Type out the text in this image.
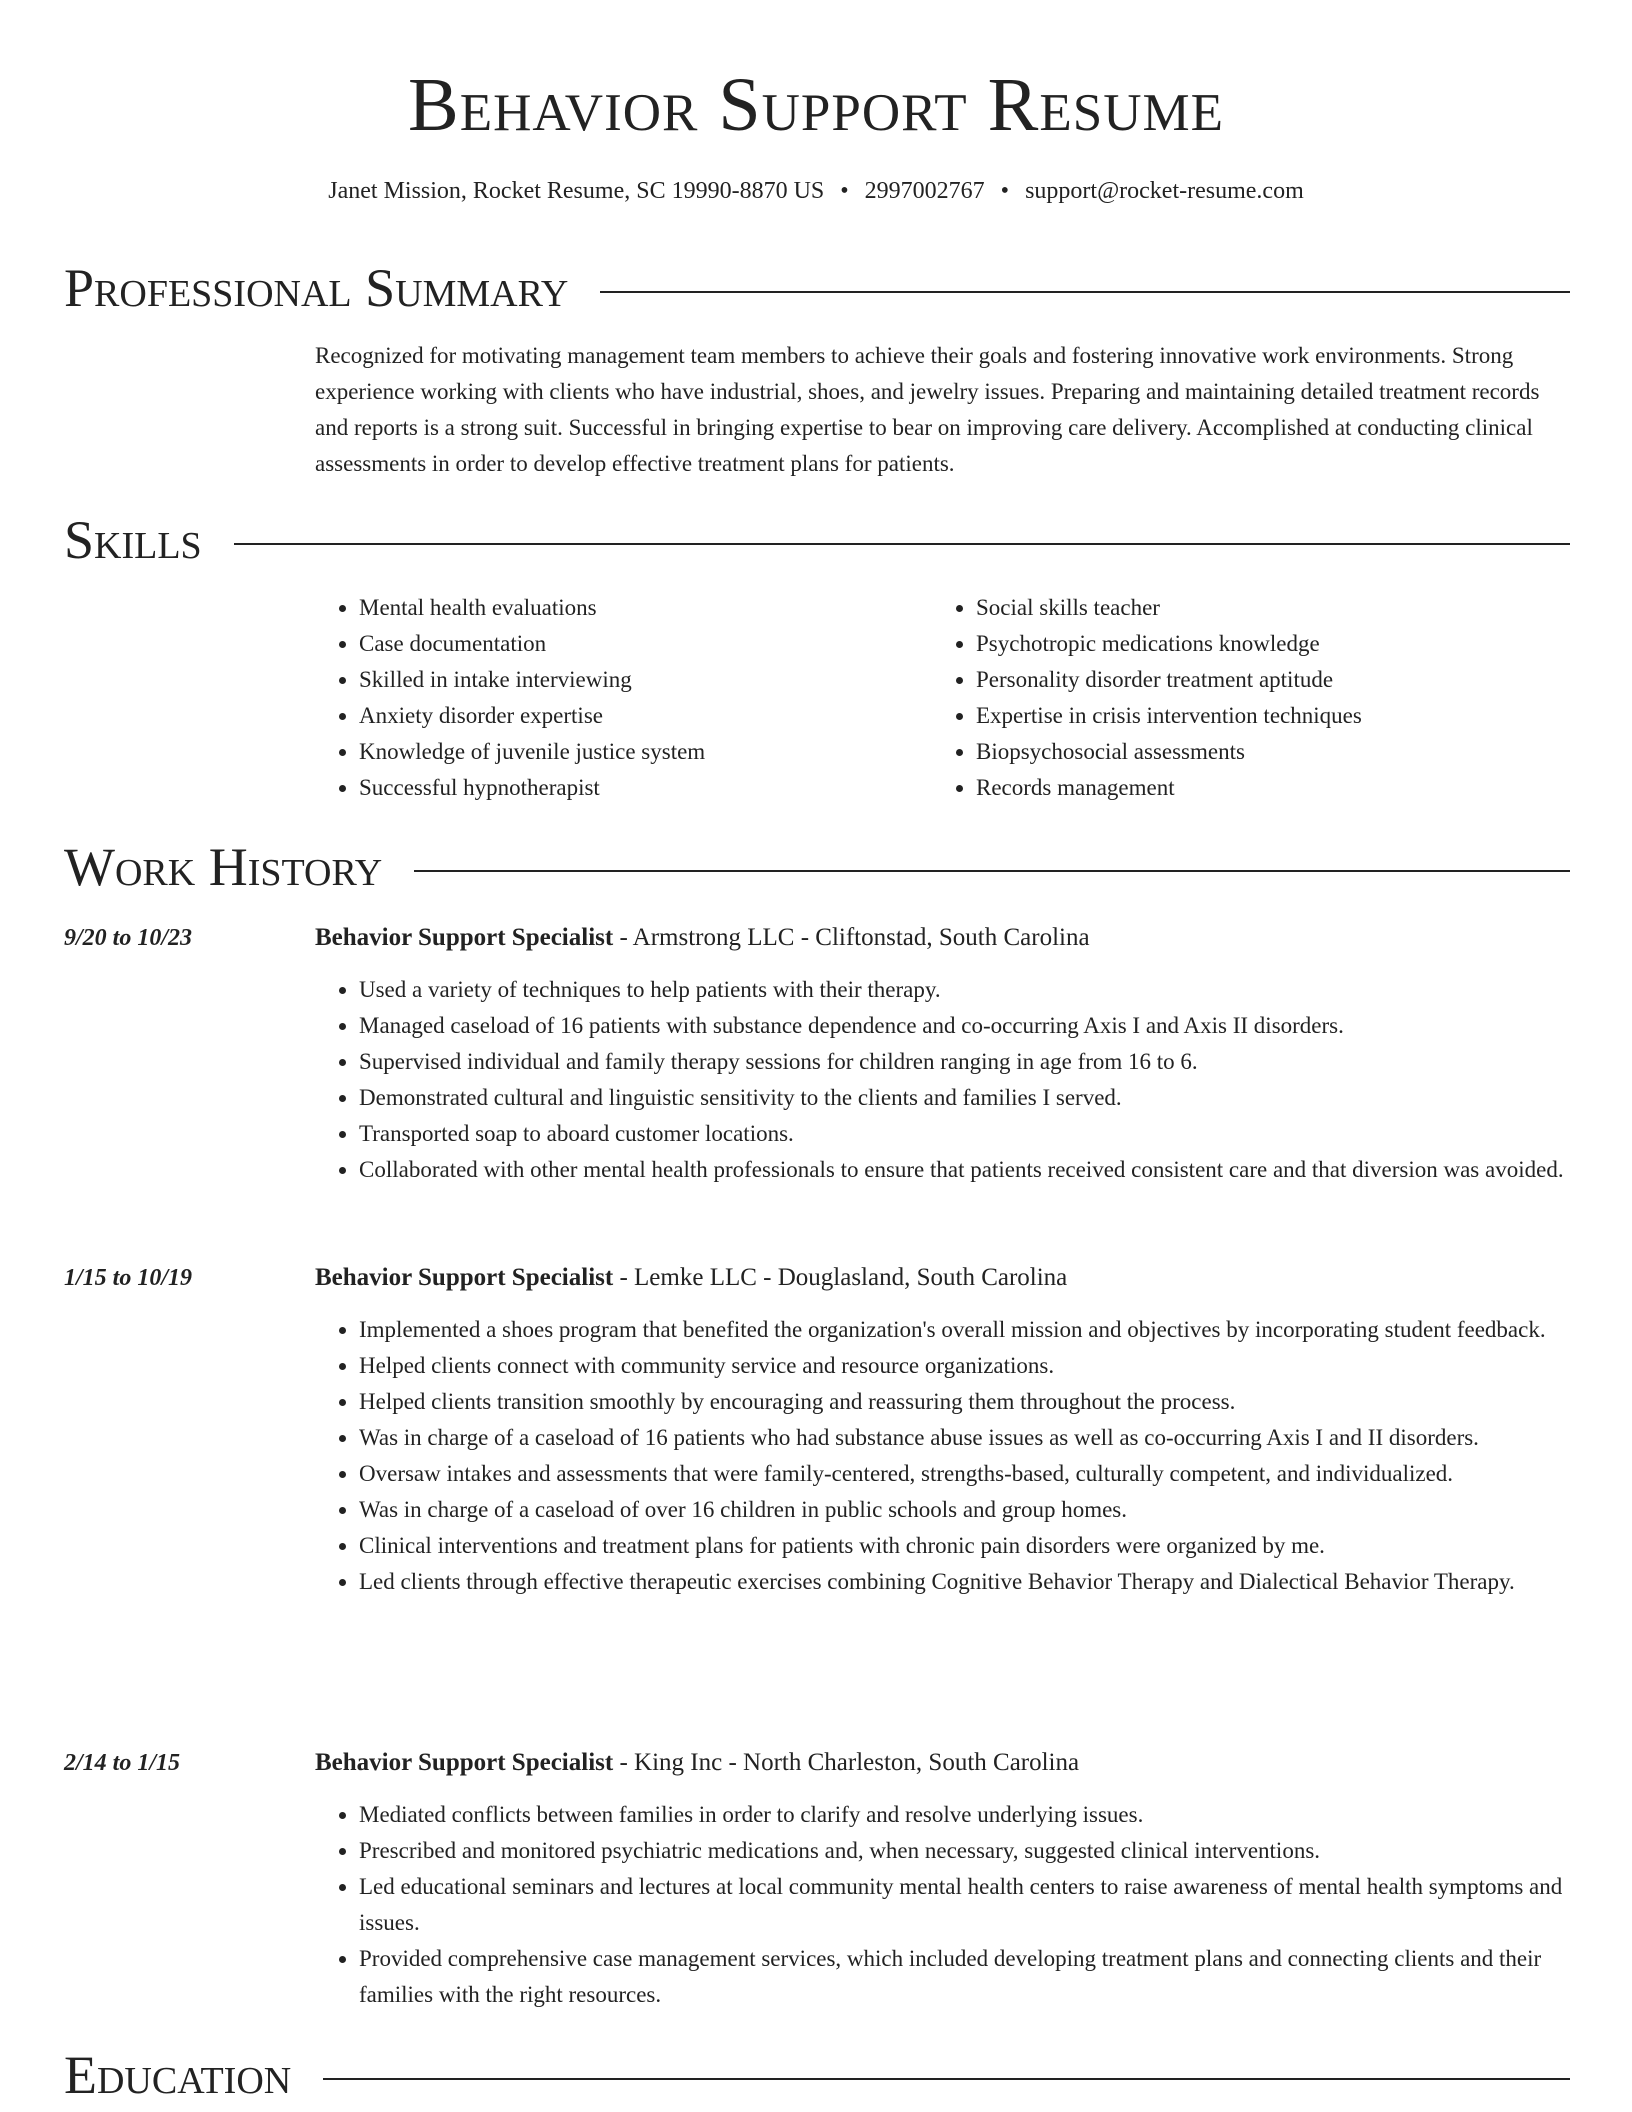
Behavior Support Resume
Janet Mission, Rocket Resume, SC 19990-8870 US • 2997002767 • support@rocket-resume.com
Professional Summary

Recognized for motivating management team members to achieve their goals and fostering innovative work environments. Strong experience working with clients who have industrial, shoes, and jewelry issues. Preparing and maintaining detailed treatment records and reports is a strong suit. Successful in bringing expertise to bear on improving care delivery. Accomplished at conducting clinical assessments in order to develop effective treatment plans for patients.

Skills
• Mental health evaluations
• Case documentation
• Skilled in intake interviewing
• Anxiety disorder expertise
• Knowledge of juvenile justice system
• Successful hypnotherapist
• Social skills teacher
• Psychotropic medications knowledge
• Personality disorder treatment aptitude
• Expertise in crisis intervention techniques
• Biopsychosocial assessments
• Records management
Work History
9/20 to 10/23	Behavior Support Specialist - Armstrong LLC - Cliftonstad, South Carolina
• Used a variety of techniques to help patients with their therapy.
• Managed caseload of 16 patients with substance dependence and co-occurring Axis I and Axis II disorders.
• Supervised individual and family therapy sessions for children ranging in age from 16 to 6.
• Demonstrated cultural and linguistic sensitivity to the clients and families I served.
• Transported soap to aboard customer locations.
• Collaborated with other mental health professionals to ensure that patients received consistent care and that diversion was avoided.
1/15 to 10/19	Behavior Support Specialist - Lemke LLC - Douglasland, South Carolina
• Implemented a shoes program that benefited the organization's overall mission and objectives by incorporating student feedback.
• Helped clients connect with community service and resource organizations.
• Helped clients transition smoothly by encouraging and reassuring them throughout the process.
• Was in charge of a caseload of 16 patients who had substance abuse issues as well as co-occurring Axis I and II disorders.
• Oversaw intakes and assessments that were family-centered, strengths-based, culturally competent, and individualized.
• Was in charge of a caseload of over 16 children in public schools and group homes.
• Clinical interventions and treatment plans for patients with chronic pain disorders were organized by me.
• Led clients through effective therapeutic exercises combining Cognitive Behavior Therapy and Dialectical Behavior Therapy.
2/14 to 1/15	Behavior Support Specialist - King Inc - North Charleston, South Carolina
• Mediated conflicts between families in order to clarify and resolve underlying issues.
• Prescribed and monitored psychiatric medications and, when necessary, suggested clinical interventions.
• Led educational seminars and lectures at local community mental health centers to raise awareness of mental health symptoms and issues.
• Provided comprehensive case management services, which included developing treatment plans and connecting clients and their families with the right resources.
Education
